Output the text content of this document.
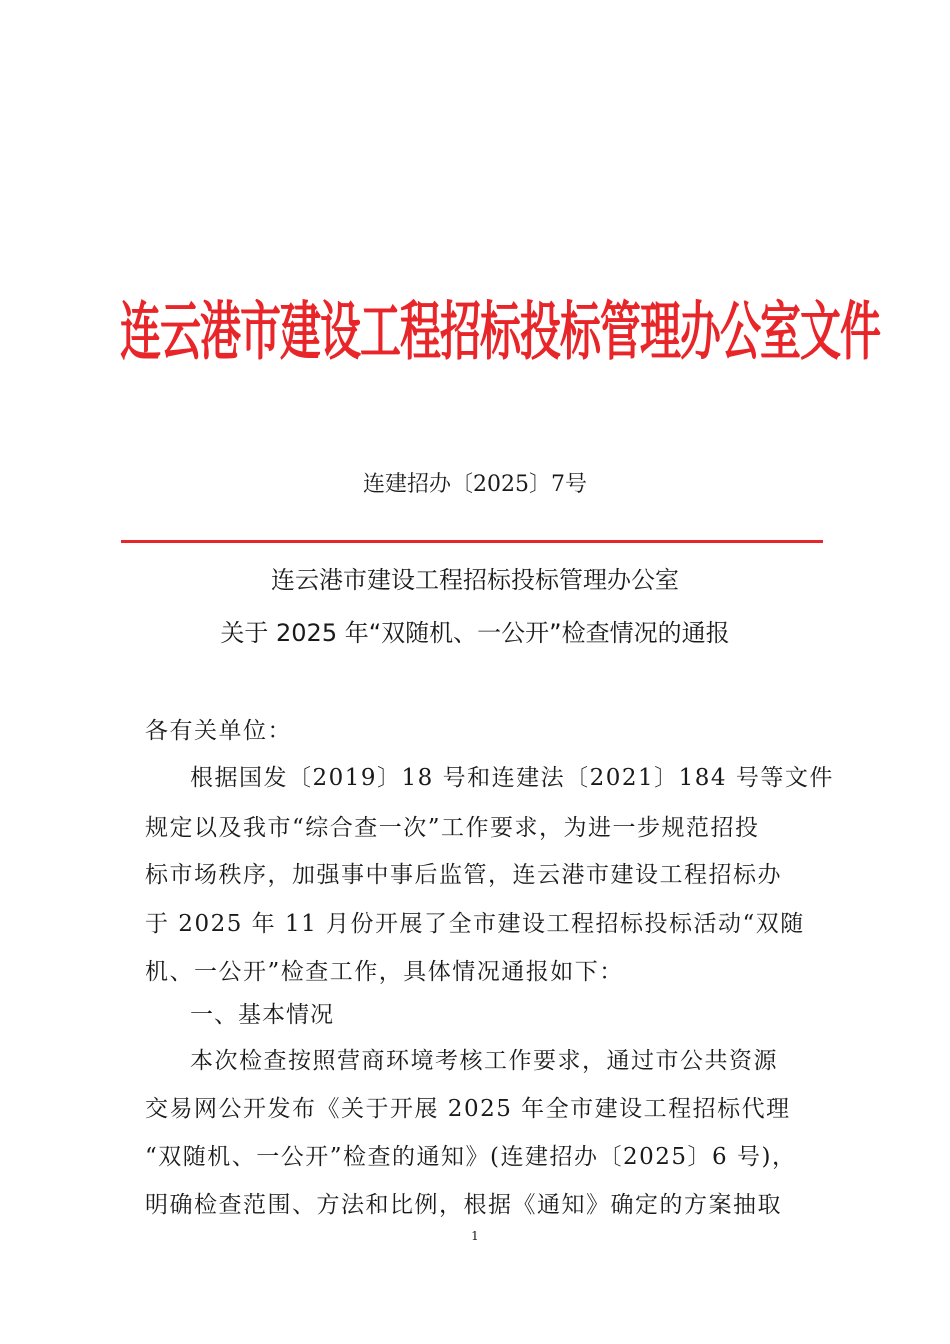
连云港市建设工程招标投标管理办公室文件
连建招办〔2025〕7号
连云港市建设工程招标投标管理办公室
关于 2025 年“双随机、一公开”检查情况的通报
各有关单位：
根据国发〔2019〕18 号和连建法〔2021〕184 号等文件
规定以及我市“综合查一次”工作要求，为进一步规范招投
标市场秩序，加强事中事后监管，连云港市建设工程招标办
于 2025 年 11 月份开展了全市建设工程招标投标活动“双随
机、一公开”检查工作，具体情况通报如下：
一、基本情况
本次检查按照营商环境考核工作要求，通过市公共资源
交易网公开发布《关于开展 2025 年全市建设工程招标代理
“双随机、一公开”检查的通知》(连建招办〔2025〕6 号)，
明确检查范围、方法和比例，根据《通知》确定的方案抽取
1
